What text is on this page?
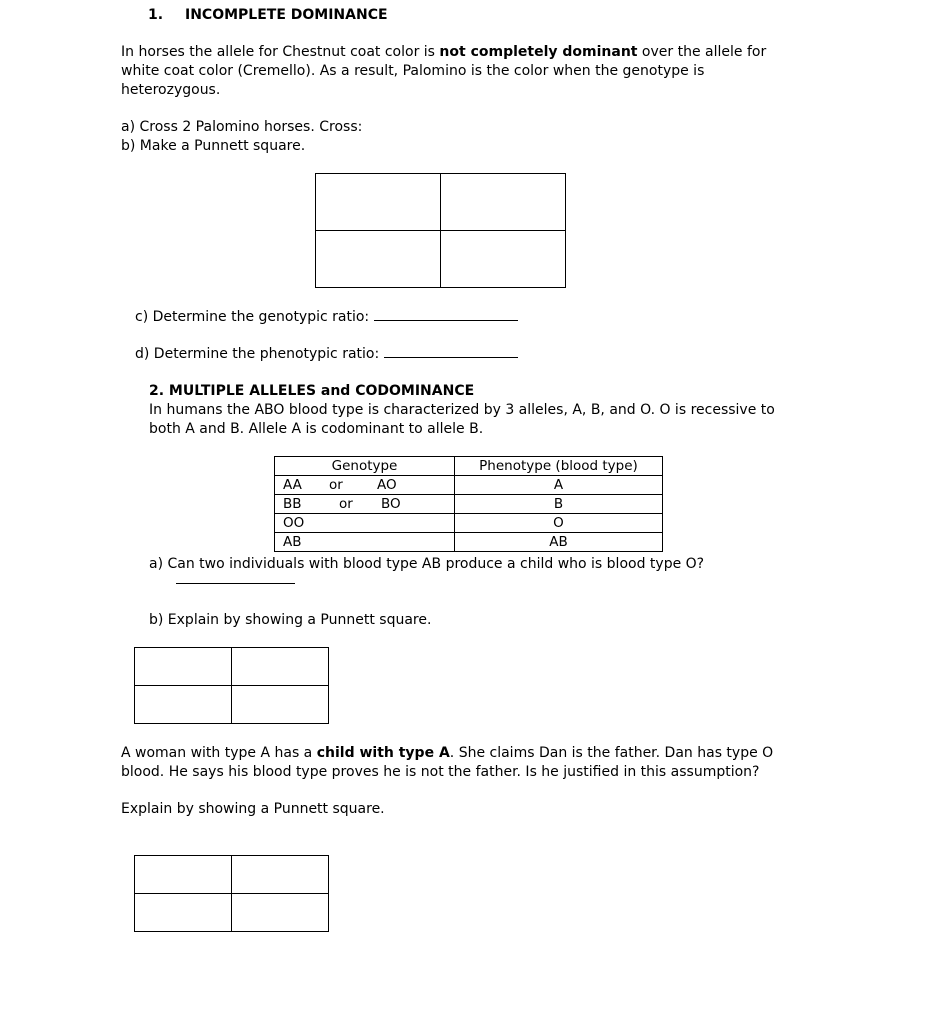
1. INCOMPLETE DOMINANCE
In horses the allele for Chestnut coat color is not completely dominant over the allele for
white coat color (Cremello). As a result, Palomino is the color when the genotype is
heterozygous.
a) Cross 2 Palomino horses. Cross:
b) Make a Punnett square.

c) Determine the genotypic ratio:
d) Determine the phenotypic ratio:
2. MULTIPLE ALLELES and CODOMINANCE
In humans the ABO blood type is characterized by 3 alleles, A, B, and O. O is recessive to
both A and B. Allele A is codominant to allele B.
Genotype			Phenotype (blood type)
AA	or	AO	A
BB	or	BO	B
OO			O
AB			AB
a) Can two individuals with blood type AB produce a child who is blood type O?
b) Explain by showing a Punnett square.

A woman with type A has a child with type A. She claims Dan is the father. Dan has type O
blood. He says his blood type proves he is not the father. Is he justified in this assumption?
Explain by showing a Punnett square.
